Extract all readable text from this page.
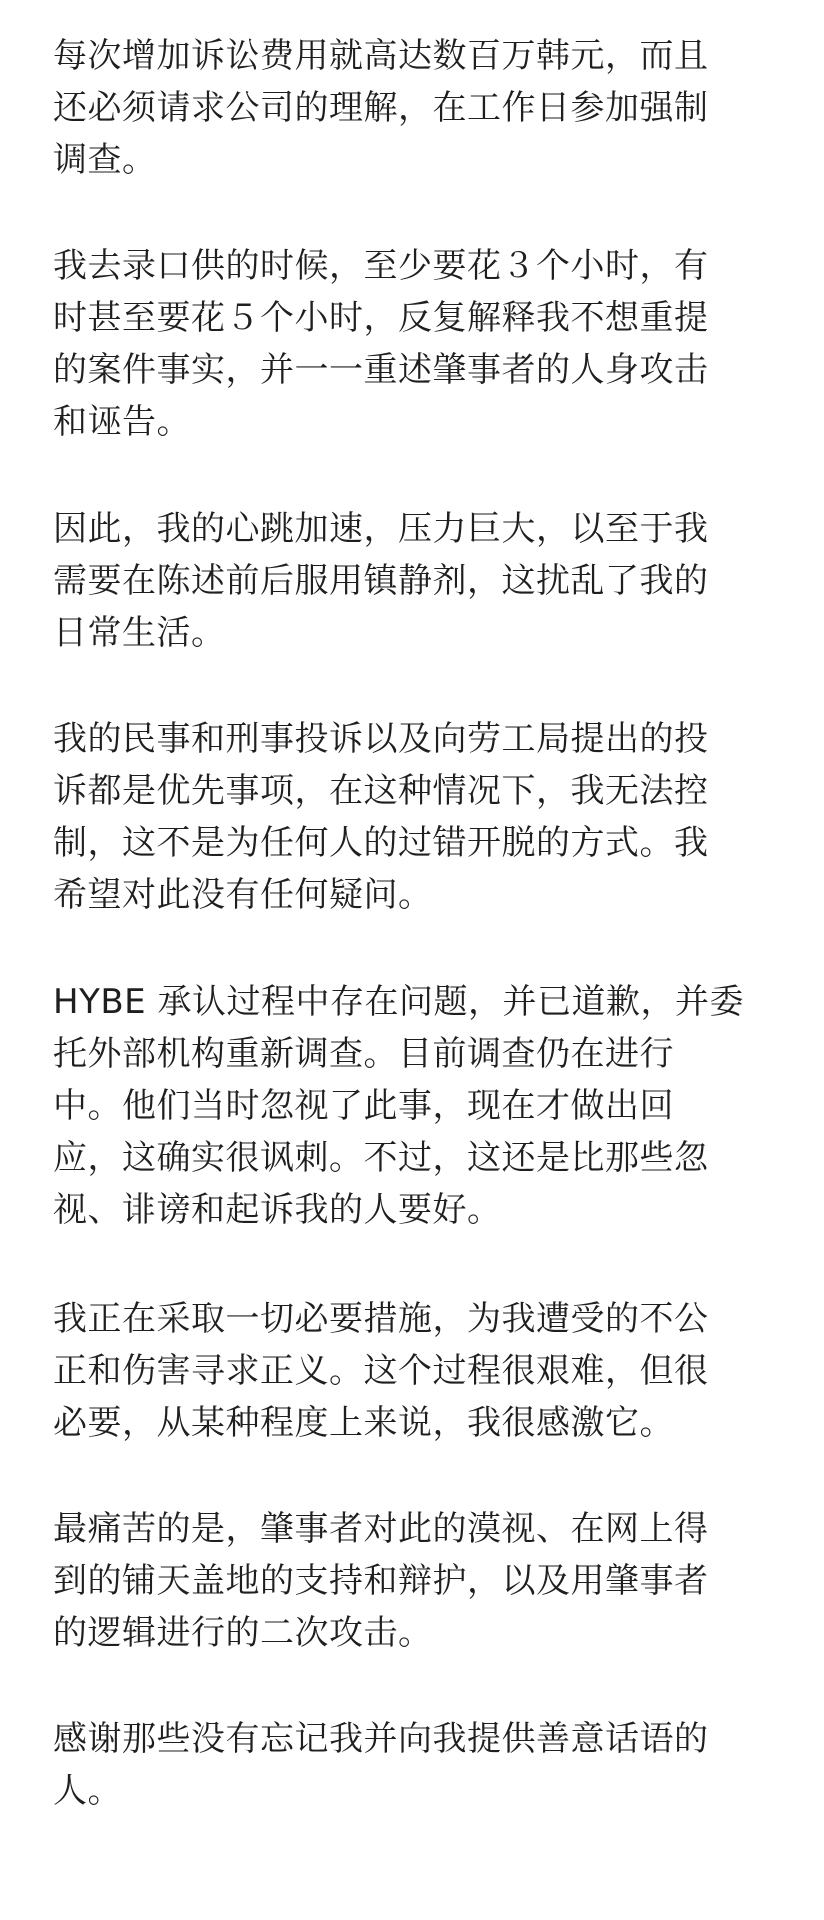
每次增加诉讼费用就高达数百万韩元，而且
还必须请求公司的理解，在工作日参加强制
调查。
我去录口供的时候，至少要花３个小时，有
时甚至要花５个小时，反复解释我不想重提
的案件事实，并一一重述肇事者的人身攻击
和诬告。
因此，我的心跳加速，压力巨大，以至于我
需要在陈述前后服用镇静剂，这扰乱了我的
日常生活。
我的民事和刑事投诉以及向劳工局提出的投
诉都是优先事项，在这种情况下，我无法控
制，这不是为任何人的过错开脱的方式。我
希望对此没有任何疑问。
HYBE 承认过程中存在问题，并已道歉，并委
托外部机构重新调查。目前调查仍在进行
中。他们当时忽视了此事，现在才做出回
应，这确实很讽刺。不过，这还是比那些忽
视、诽谤和起诉我的人要好。
我正在采取一切必要措施，为我遭受的不公
正和伤害寻求正义。这个过程很艰难，但很
必要，从某种程度上来说，我很感激它。
最痛苦的是，肇事者对此的漠视、在网上得
到的铺天盖地的支持和辩护，以及用肇事者
的逻辑进行的二次攻击。
感谢那些没有忘记我并向我提供善意话语的
人。
